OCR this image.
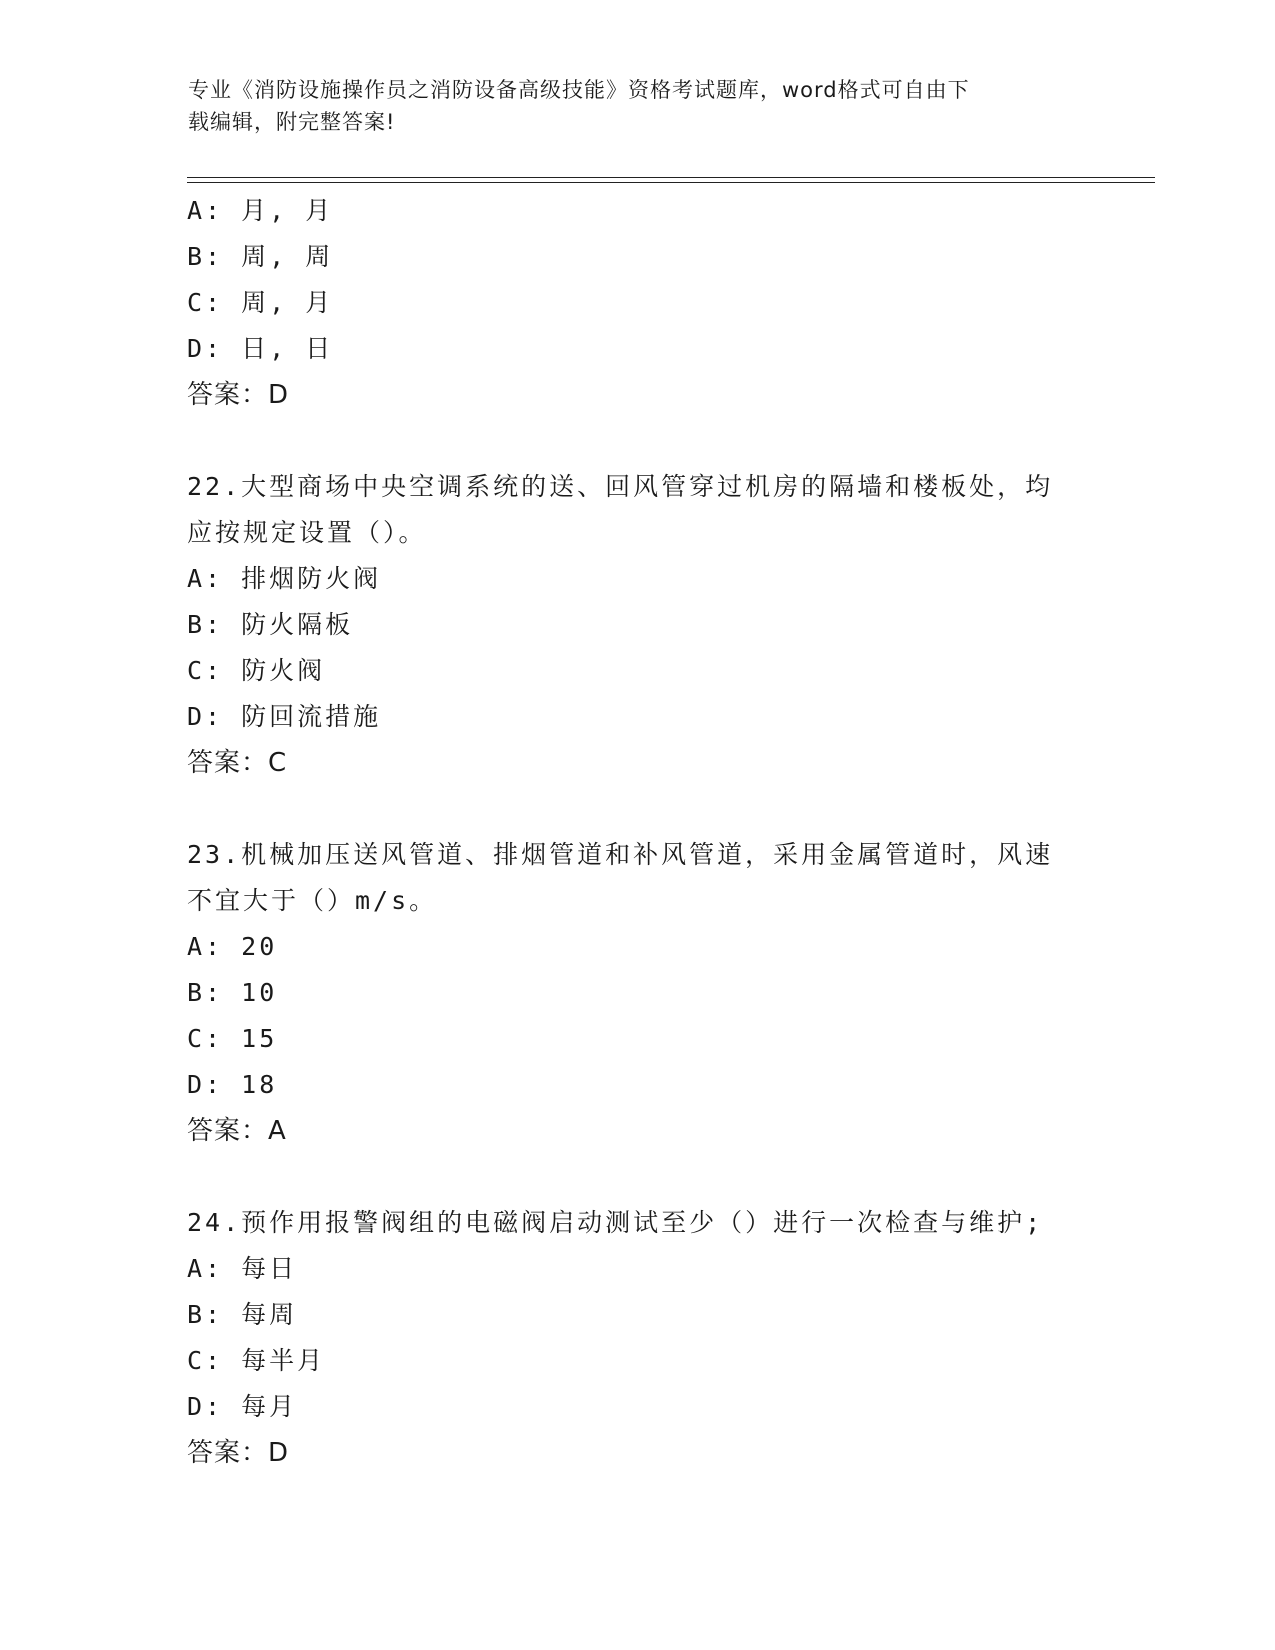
专业《消防设施操作员之消防设备高级技能》资格考试题库，word格式可自由下
载编辑，附完整答案!
A: 月, 月
B: 周, 周
C: 周, 月
D: 日, 日
答案：D
22.大型商场中央空调系统的送、回风管穿过机房的隔墙和楼板处，均
应按规定设置（）。
A: 排烟防火阀
B: 防火隔板
C: 防火阀
D: 防回流措施
答案：C
23.机械加压送风管道、排烟管道和补风管道，采用金属管道时，风速
不宜大于（）m/s。
A: 20
B: 10
C: 15
D: 18
答案：A
24.预作用报警阀组的电磁阀启动测试至少（）进行一次检查与维护;
A: 每日
B: 每周
C: 每半月
D: 每月
答案：D
